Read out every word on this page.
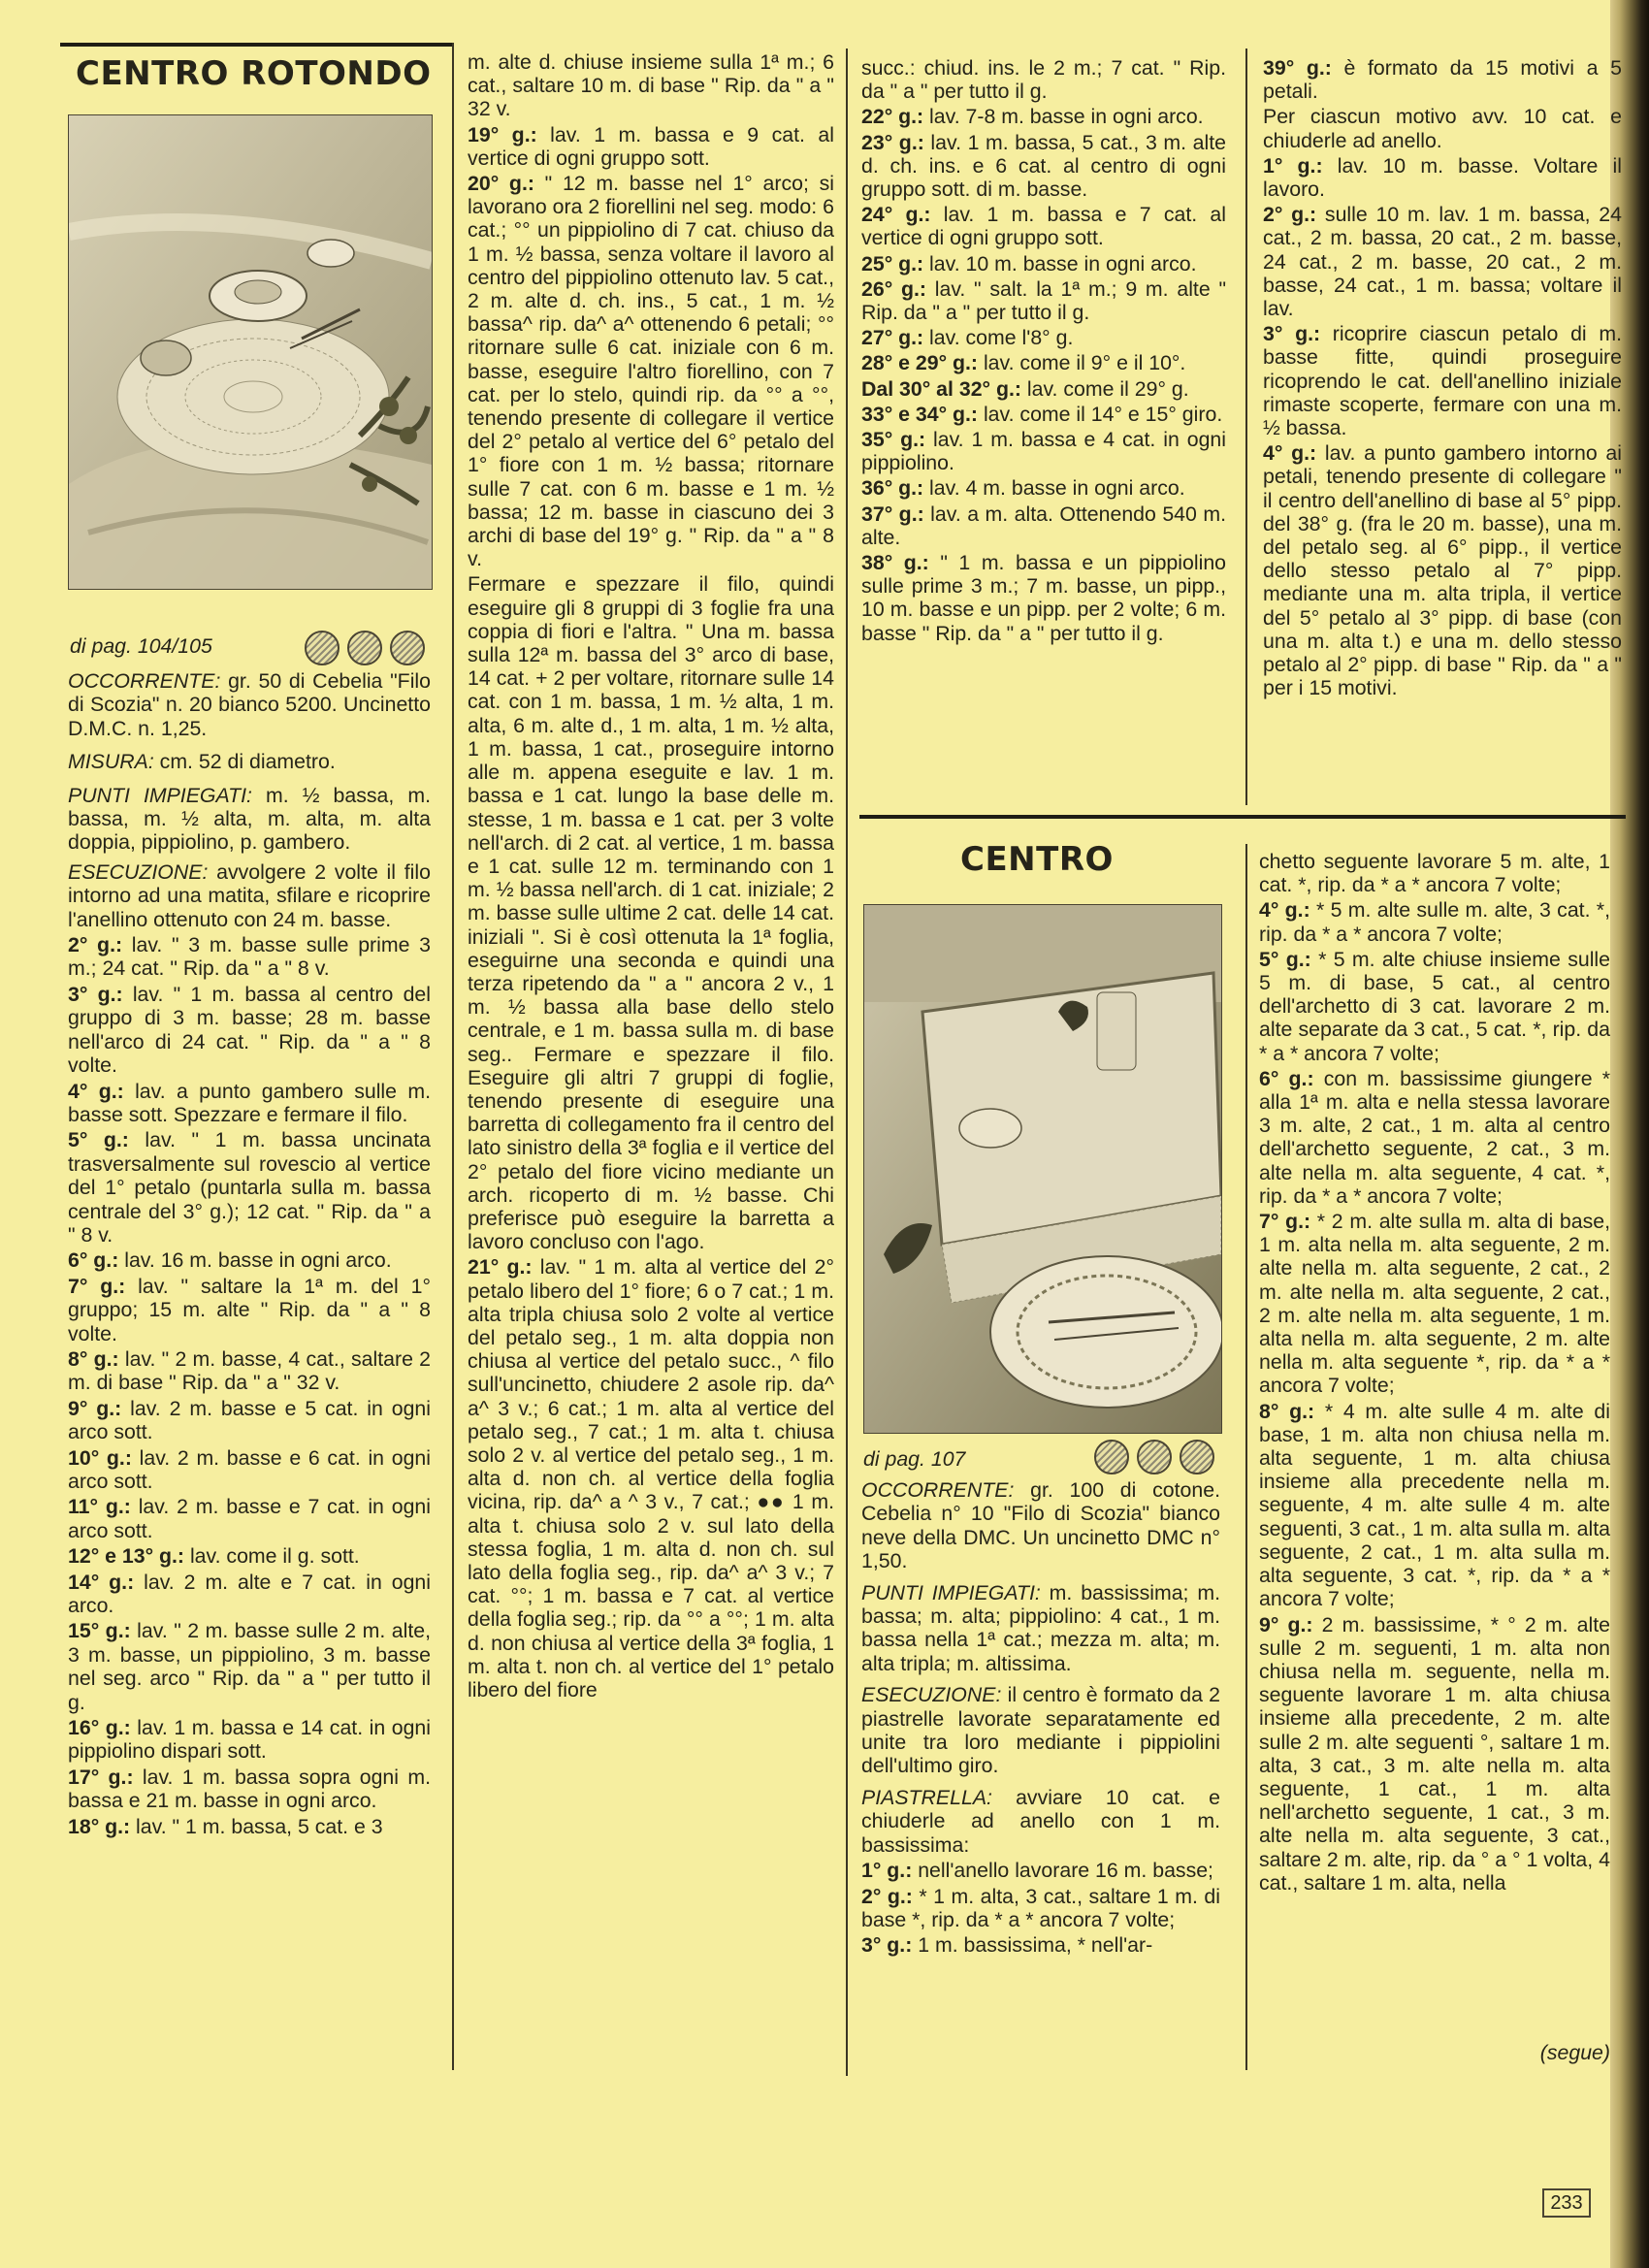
CENTRO ROTONDO
di pag. 104/105

OCCORRENTE: gr. 50 di Cebelia "Filo di Scozia" n. 20 bianco 5200. Uncinetto D.M.C. n. 1,25.

MISURA: cm. 52 di diametro.

PUNTI IMPIEGATI: m. ½ bassa, m. bassa, m. ½ alta, m. alta, m. alta doppia, pippiolino, p. gambero.

ESECUZIONE: avvolgere 2 volte il filo intorno ad una matita, sfilare e ricoprire l'anellino ottenuto con 24 m. basse.

2° g.: lav. " 3 m. basse sulle prime 3 m.; 24 cat. " Rip. da " a " 8 v.

3° g.: lav. " 1 m. bassa al centro del gruppo di 3 m. basse; 28 m. basse nell'arco di 24 cat. " Rip. da " a " 8 volte.

4° g.: lav. a punto gambero sulle m. basse sott. Spezzare e fermare il filo.

5° g.: lav. " 1 m. bassa uncinata trasversalmente sul rovescio al vertice del 1° petalo (puntarla sulla m. bassa centrale del 3° g.); 12 cat. " Rip. da " a " 8 v.

6° g.: lav. 16 m. basse in ogni arco.

7° g.: lav. " saltare la 1ª m. del 1° gruppo; 15 m. alte " Rip. da " a " 8 volte.

8° g.: lav. " 2 m. basse, 4 cat., saltare 2 m. di base " Rip. da " a " 32 v.

9° g.: lav. 2 m. basse e 5 cat. in ogni arco sott.

10° g.: lav. 2 m. basse e 6 cat. in ogni arco sott.

11° g.: lav. 2 m. basse e 7 cat. in ogni arco sott.

12° e 13° g.: lav. come il g. sott.

14° g.: lav. 2 m. alte e 7 cat. in ogni arco.

15° g.: lav. " 2 m. basse sulle 2 m. alte, 3 m. basse, un pippiolino, 3 m. basse nel seg. arco " Rip. da " a " per tutto il g.

16° g.: lav. 1 m. bassa e 14 cat. in ogni pippiolino dispari sott.

17° g.: lav. 1 m. bassa sopra ogni m. bassa e 21 m. basse in ogni arco.

18° g.: lav. " 1 m. bassa, 5 cat. e 3

m. alte d. chiuse insieme sulla 1ª m.; 6 cat., saltare 10 m. di base " Rip. da " a " 32 v.

19° g.: lav. 1 m. bassa e 9 cat. al vertice di ogni gruppo sott.

20° g.: " 12 m. basse nel 1° arco; si lavorano ora 2 fiorellini nel seg. modo: 6 cat.; °° un pippiolino di 7 cat. chiuso da 1 m. ½ bassa, senza voltare il lavoro al centro del pippiolino ottenuto lav. 5 cat., 2 m. alte d. ch. ins., 5 cat., 1 m. ½ bassa^ rip. da^ a^ ottenendo 6 petali; °° ritornare sulle 6 cat. iniziale con 6 m. basse, eseguire l'altro fiorellino, con 7 cat. per lo stelo, quindi rip. da °° a °°, tenendo presente di collegare il vertice del 2° petalo al vertice del 6° petalo del 1° fiore con 1 m. ½ bassa; ritornare sulle 7 cat. con 6 m. basse e 1 m. ½ bassa; 12 m. basse in ciascuno dei 3 archi di base del 19° g. " Rip. da " a " 8 v.

Fermare e spezzare il filo, quindi eseguire gli 8 gruppi di 3 foglie fra una coppia di fiori e l'altra. " Una m. bassa sulla 12ª m. bassa del 3° arco di base, 14 cat. + 2 per voltare, ritornare sulle 14 cat. con 1 m. bassa, 1 m. ½ alta, 1 m. alta, 6 m. alte d., 1 m. alta, 1 m. ½ alta, 1 m. bassa, 1 cat., proseguire intorno alle m. appena eseguite e lav. 1 m. bassa e 1 cat. lungo la base delle m. stesse, 1 m. bassa e 1 cat. per 3 volte nell'arch. di 2 cat. al vertice, 1 m. bassa e 1 cat. sulle 12 m. terminando con 1 m. ½ bassa nell'arch. di 1 cat. iniziale; 2 m. basse sulle ultime 2 cat. delle 14 cat. iniziali ". Si è così ottenuta la 1ª foglia, eseguirne una seconda e quindi una terza ripetendo da " a " ancora 2 v., 1 m. ½ bassa alla base dello stelo centrale, e 1 m. bassa sulla m. di base seg.. Fermare e spezzare il filo. Eseguire gli altri 7 gruppi di foglie, tenendo presente di eseguire una barretta di collegamento fra il centro del lato sinistro della 3ª foglia e il vertice del 2° petalo del fiore vicino mediante un arch. ricoperto di m. ½ basse. Chi preferisce può eseguire la barretta a lavoro concluso con l'ago.

21° g.: lav. " 1 m. alta al vertice del 2° petalo libero del 1° fiore; 6 o 7 cat.; 1 m. alta tripla chiusa solo 2 volte al vertice del petalo seg., 1 m. alta doppia non chiusa al vertice del petalo succ., ^ filo sull'uncinetto, chiudere 2 asole rip. da^ a^ 3 v.; 6 cat.; 1 m. alta al vertice del petalo seg., 7 cat.; 1 m. alta t. chiusa solo 2 v. al vertice del petalo seg., 1 m. alta d. non ch. al vertice della foglia vicina, rip. da^ a ^ 3 v., 7 cat.; ●● 1 m. alta t. chiusa solo 2 v. sul lato della stessa foglia, 1 m. alta d. non ch. sul lato della foglia seg., rip. da^ a^ 3 v.; 7 cat. °°; 1 m. bassa e 7 cat. al vertice della foglia seg.; rip. da °° a °°; 1 m. alta d. non chiusa al vertice della 3ª foglia, 1 m. alta t. non ch. al vertice del 1° petalo libero del fiore

succ.: chiud. ins. le 2 m.; 7 cat. " Rip. da " a " per tutto il g.

22° g.: lav. 7-8 m. basse in ogni arco.

23° g.: lav. 1 m. bassa, 5 cat., 3 m. alte d. ch. ins. e 6 cat. al centro di ogni gruppo sott. di m. basse.

24° g.: lav. 1 m. bassa e 7 cat. al vertice di ogni gruppo sott.

25° g.: lav. 10 m. basse in ogni arco.

26° g.: lav. " salt. la 1ª m.; 9 m. alte " Rip. da " a " per tutto il g.

27° g.: lav. come l'8° g.

28° e 29° g.: lav. come il 9° e il 10°.

Dal 30° al 32° g.: lav. come il 29° g.

33° e 34° g.: lav. come il 14° e 15° giro.

35° g.: lav. 1 m. bassa e 4 cat. in ogni pippiolino.

36° g.: lav. 4 m. basse in ogni arco.

37° g.: lav. a m. alta. Ottenendo 540 m. alte.

38° g.: " 1 m. bassa e un pippiolino sulle prime 3 m.; 7 m. basse, un pipp., 10 m. basse e un pipp. per 2 volte; 6 m. basse " Rip. da " a " per tutto il g.

39° g.: è formato da 15 motivi a 5 petali.

Per ciascun motivo avv. 10 cat. e chiuderle ad anello.

1° g.: lav. 10 m. basse. Voltare il lavoro.

2° g.: sulle 10 m. lav. 1 m. bassa, 24 cat., 2 m. bassa, 20 cat., 2 m. basse, 24 cat., 2 m. basse, 20 cat., 2 m. basse, 24 cat., 1 m. bassa; voltare il lav.

3° g.: ricoprire ciascun petalo di m. basse fitte, quindi proseguire ricoprendo le cat. dell'anellino iniziale rimaste scoperte, fermare con una m. ½ bassa.

4° g.: lav. a punto gambero intorno ai petali, tenendo presente di collegare " il centro dell'anellino di base al 5° pipp. del 38° g. (fra le 20 m. basse), una m. del petalo seg. al 6° pipp., il vertice dello stesso petalo al 7° pipp. mediante una m. alta tripla, il vertice del 5° petalo al 3° pipp. di base (con una m. alta t.) e una m. dello stesso petalo al 2° pipp. di base " Rip. da " a " per i 15 motivi.

CENTRO
di pag. 107

OCCORRENTE: gr. 100 di cotone. Cebelia n° 10 "Filo di Scozia" bianco neve della DMC. Un uncinetto DMC n° 1,50.

PUNTI IMPIEGATI: m. bassissima; m. bassa; m. alta; pippiolino: 4 cat., 1 m. bassa nella 1ª cat.; mezza m. alta; m. alta tripla; m. altissima.

ESECUZIONE: il centro è formato da 2 piastrelle lavorate separatamente ed unite tra loro mediante i pippiolini dell'ultimo giro.

PIASTRELLA: avviare 10 cat. e chiuderle ad anello con 1 m. bassissima:

1° g.: nell'anello lavorare 16 m. basse;

2° g.: * 1 m. alta, 3 cat., saltare 1 m. di base *, rip. da * a * ancora 7 volte;

3° g.: 1 m. bassissima, * nell'ar-

chetto seguente lavorare 5 m. alte, 1 cat. *, rip. da * a * ancora 7 volte;

4° g.: * 5 m. alte sulle m. alte, 3 cat. *, rip. da * a * ancora 7 volte;

5° g.: * 5 m. alte chiuse insieme sulle 5 m. di base, 5 cat., al centro dell'archetto di 3 cat. lavorare 2 m. alte separate da 3 cat., 5 cat. *, rip. da * a * ancora 7 volte;

6° g.: con m. bassissime giungere * alla 1ª m. alta e nella stessa lavorare 3 m. alte, 2 cat., 1 m. alta al centro dell'archetto seguente, 2 cat., 3 m. alte nella m. alta seguente, 4 cat. *, rip. da * a * ancora 7 volte;

7° g.: * 2 m. alte sulla m. alta di base, 1 m. alta nella m. alta seguente, 2 m. alte nella m. alta seguente, 2 cat., 2 m. alte nella m. alta seguente, 2 cat., 2 m. alte nella m. alta seguente, 1 m. alta nella m. alta seguente, 2 m. alte nella m. alta seguente *, rip. da * a * ancora 7 volte;

8° g.: * 4 m. alte sulle 4 m. alte di base, 1 m. alta non chiusa nella m. alta seguente, 1 m. alta chiusa insieme alla precedente nella m. seguente, 4 m. alte sulle 4 m. alte seguenti, 3 cat., 1 m. alta sulla m. alta seguente, 2 cat., 1 m. alta sulla m. alta seguente, 3 cat. *, rip. da * a * ancora 7 volte;

9° g.: 2 m. bassissime, * ° 2 m. alte sulle 2 m. seguenti, 1 m. alta non chiusa nella m. seguente, nella m. seguente lavorare 1 m. alta chiusa insieme alla precedente, 2 m. alte sulle 2 m. alte seguenti °, saltare 1 m. alta, 3 cat., 3 m. alte nella m. alta seguente, 1 cat., 1 m. alta nell'archetto seguente, 1 cat., 3 m. alte nella m. alta seguente, 3 cat., saltare 2 m. alte, rip. da ° a ° 1 volta, 4 cat., saltare 1 m. alta, nella

(segue)
233
